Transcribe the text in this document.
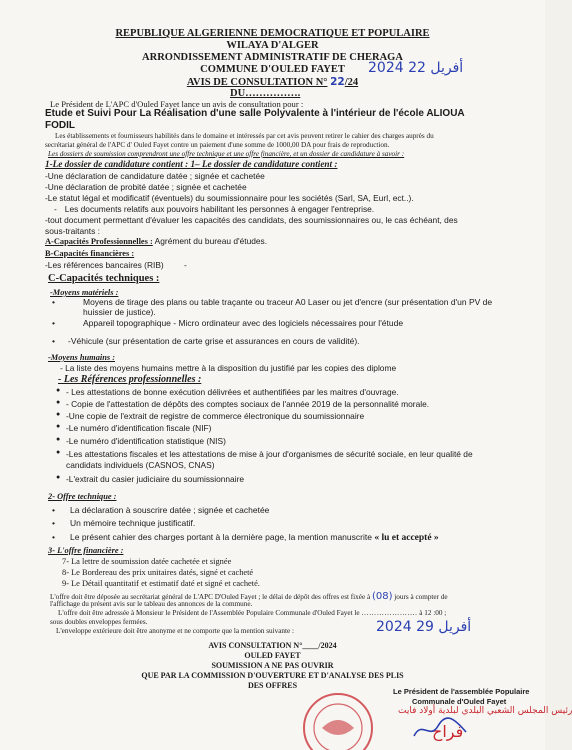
REPUBLIQUE ALGERIENNE DEMOCRATIQUE ET POPULAIRE
WILAYA D'ALGER
ARRONDISSEMENT ADMINISTRATIF DE CHERAGA
COMMUNE D'OULED FAYET
AVIS DE CONSULTATION N° 22/24
DU…………….
2024 أفريل 22
Le Président de L'APC d'Ouled Fayet lance un avis de consultation pour :
Etude et Suivi Pour La Réalisation d'une salle Polyvalente à l'intérieur de l'école ALIOUA
FODIL
Les établissements et fournisseurs habilités dans le domaine et intéressés par cet avis peuvent retirer le cahier des charges auprès du
secrétariat général de l'APC d' Ouled Fayet contre un paiement d'une somme de 1000,00 DA pour frais de reproduction.
Les dossiers de soumission comprendront une offre technique et une offre financière, et un dossier de candidature à savoir :
1-Le dossier de candidature contient : 1– Le dossier de candidature contient :
-Une déclaration de candidature datée ; signée et cachetée
-Une déclaration de probité datée ; signée et cachetée
-Le statut légal et modificatif (éventuels) du soumissionnaire pour les sociétés (Sarl, SA, Eurl, ect..).
- Les documents relatifs aux pouvoirs habilitant les personnes à engager l'entreprise.
-tout document permettant d'évaluer les capacités des candidats, des soumissionnaires ou, le cas échéant, des
sous-traitants :
A-Capacités Professionnelles : Agrément du bureau d'études.
B-Capacités financières :
-Les références bancaires (RIB) -
C-Capacités techniques :
-Moyens matériels :
•	Moyens de tirage des plans ou table traçante ou traceur A0 Laser ou jet d'encre (sur présentation d'un PV de
huissier de justice).
•	Appareil topographique - Micro ordinateur avec des logiciels nécessaires pour l'étude
• -Véhicule (sur présentation de carte grise et assurances en cours de validité).
-Moyens humains :
- La liste des moyens humains mettre à la disposition du justifié par les copies des diplome
- Les Références professionnelles :
● - Les attestations de bonne exécution délivrées et authentifiées par les maitres d'ouvrage.
● - Copie de l'attestation de dépôts des comptes sociaux de l'année 2019 de la personnalité morale.
● -Une copie de l'extrait de registre de commerce électronique du soumissionnaire
● -Le numéro d'identification fiscale (NIF)
● -Le numéro d'identification statistique (NIS)
● -Les attestations fiscales et les attestations de mise à jour d'organismes de sécurité sociale, en leur qualité de
candidats individuels (CASNOS, CNAS)
● -L'extrait du casier judiciaire du soumissionnaire
2- Offre technique :
• La déclaration à souscrire datée ; signée et cachetée
• Un mémoire technique justificatif.
• Le présent cahier des charges portant à la dernière page, la mention manuscrite « lu et accepté »
3- L'offre financière :
7- La lettre de soumission datée cachetée et signée
8- Le Bordereau des prix unitaires datés, signé et cacheté
9- Le Détail quantitatif et estimatif daté et signé et cacheté.
L'offre doit être déposée au secrétariat général de L'APC D'Ouled Fayet ; le délai de dépôt des offres est fixée à (08) jours à compter de
l'affichage du présent avis sur le tableau des annonces de la commune.
L'offre doit être adressée à Monsieur le Président de l'Assemblée Populaire Communale d'Ouled Fayet le …………………. à 12 :00 ;
sous doubles enveloppes fermées.
L'enveloppe extérieure doit être anonyme et ne comporte que la mention suivante :	2024 أفريل 29
AVIS CONSULTATION N°____/2024
OULED FAYET
SOUMISSION A NE PAS OUVRIR
QUE PAR LA COMMISSION D'OUVERTURE ET D'ANALYSE DES PLIS
DES OFFRES
Le Président de l'assemblée Populaire
Communale d'Ouled Fayet
رئيس المجلس الشعبي البلدي لبلدية أولاد فايت
فراح
